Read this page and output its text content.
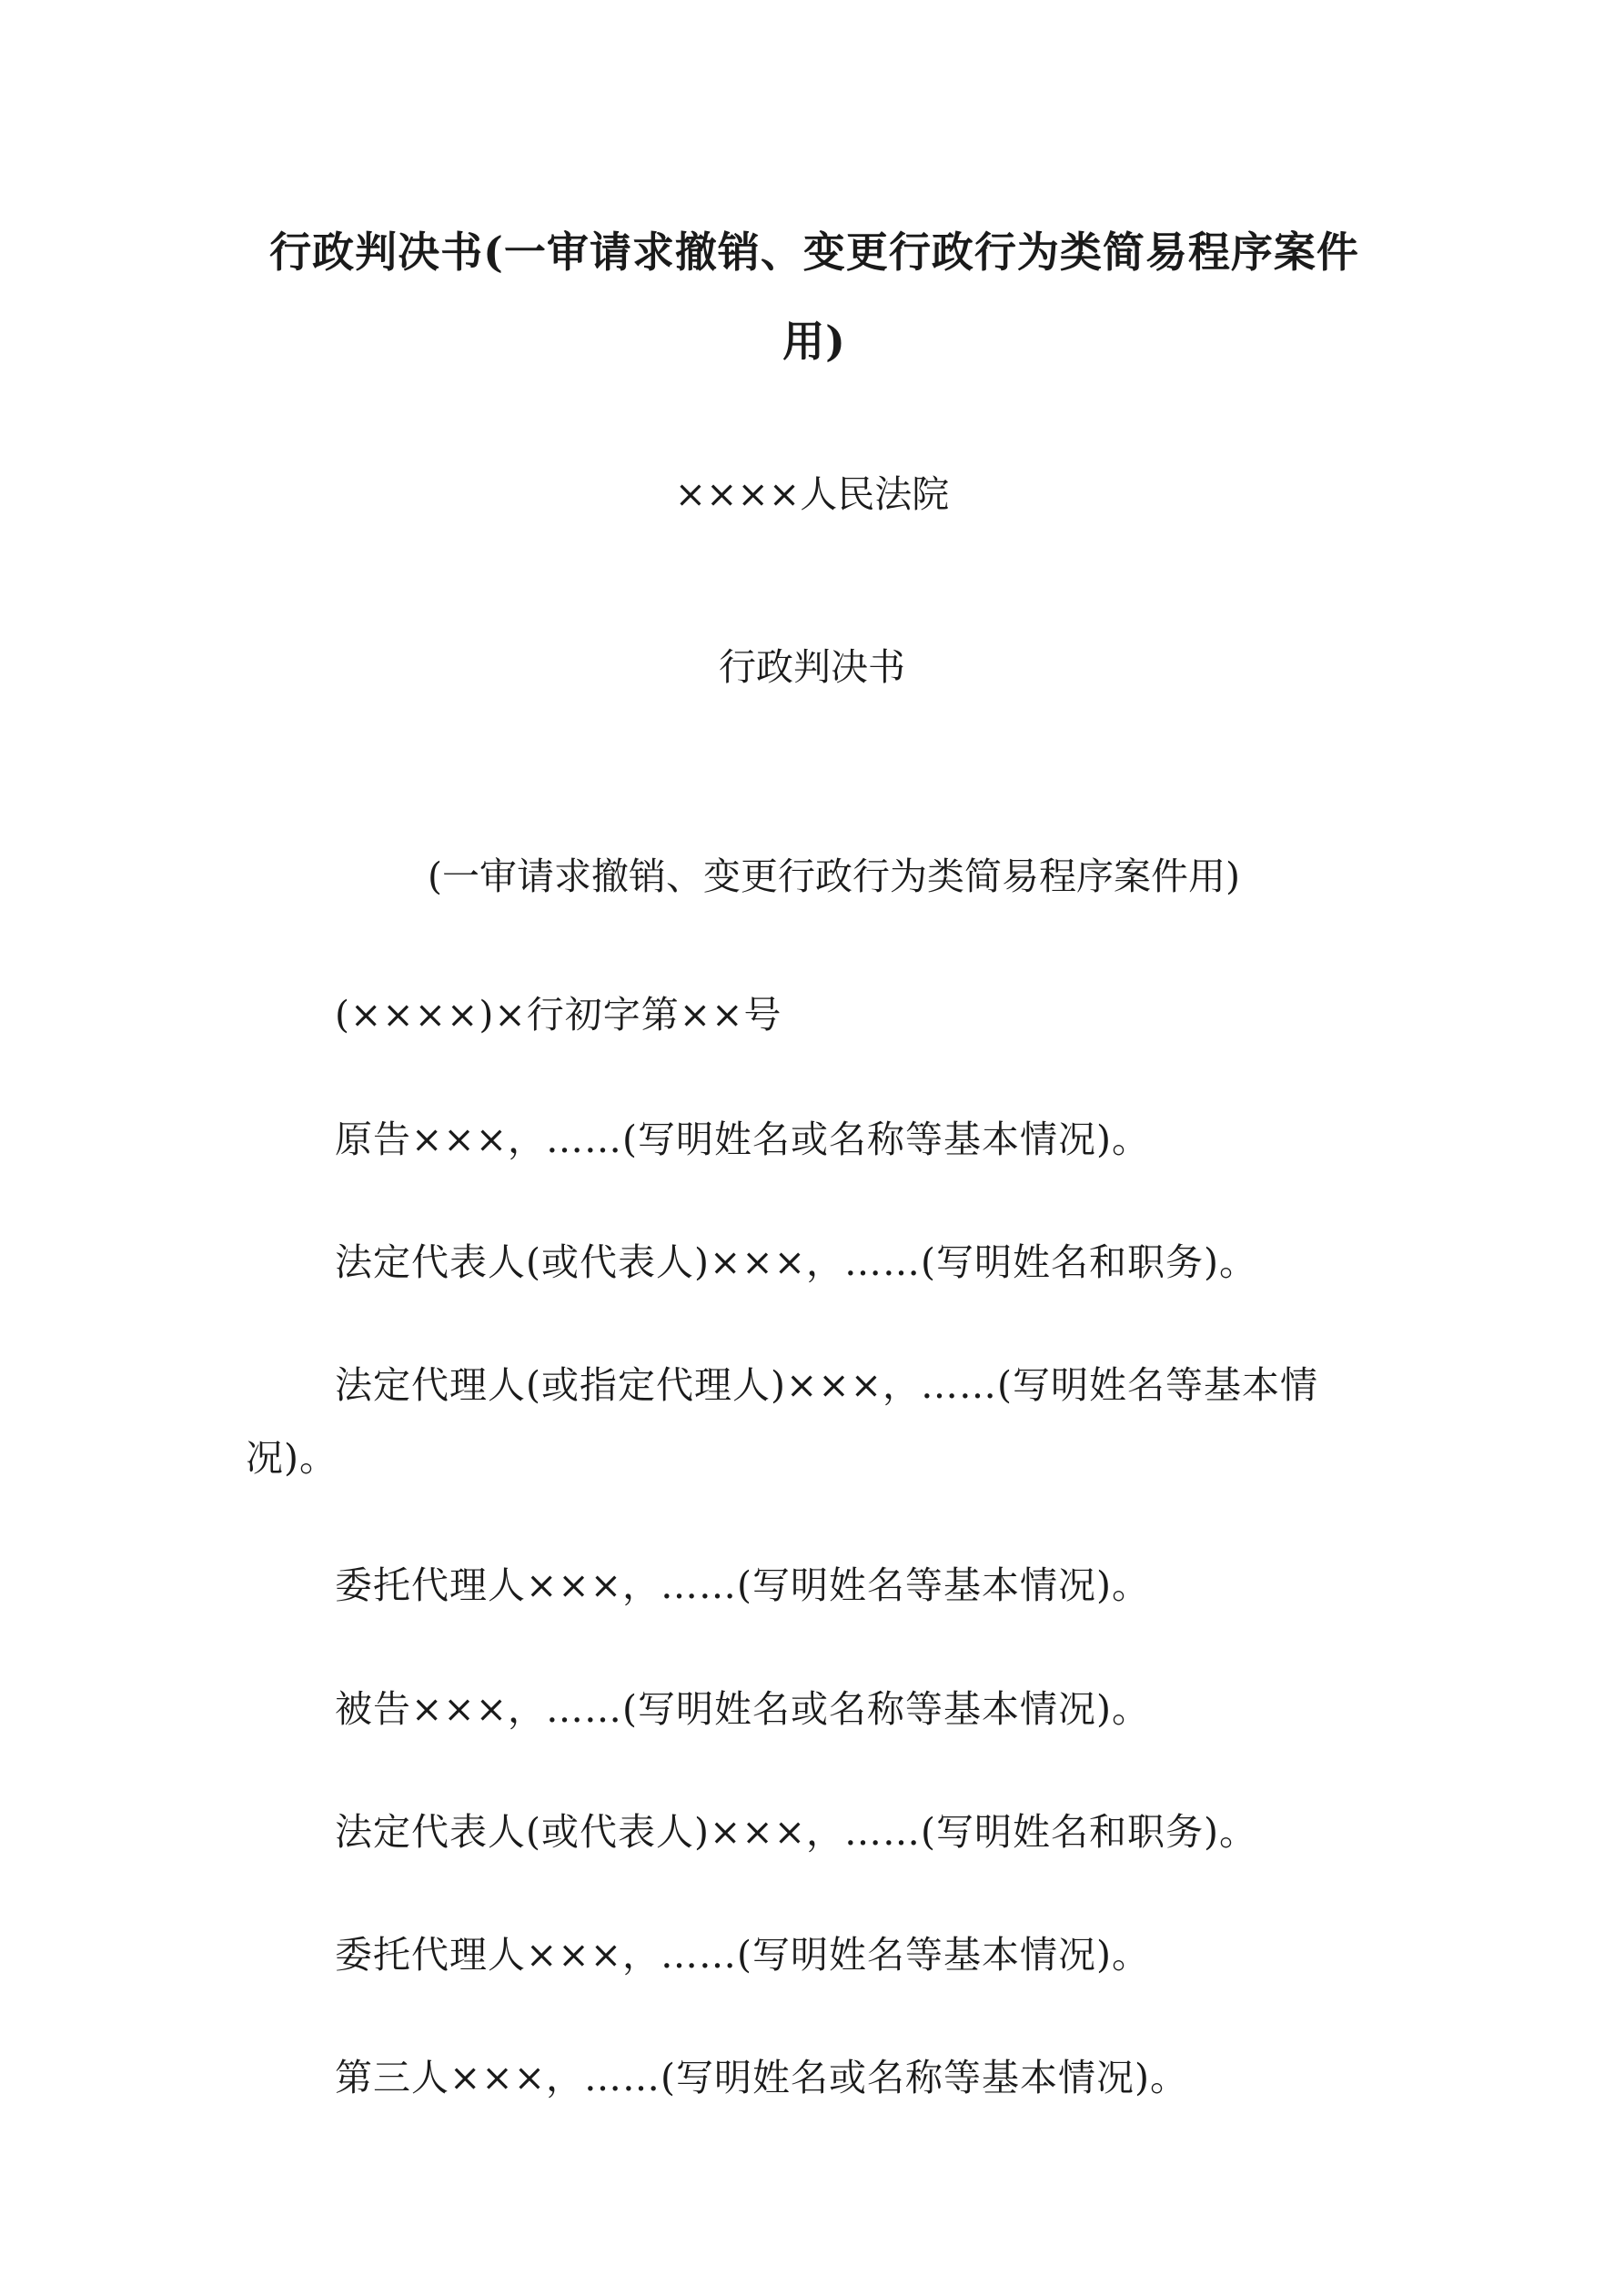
行政判决书(一审请求撤销、变更行政行为类简易程序案件用)

××××人民法院

行政判决书

(一审请求撤销、变更行政行为类简易程序案件用)

(××××)×行初字第××号

原告×××，……(写明姓名或名称等基本情况)。

法定代表人(或代表人)×××，……(写明姓名和职务)。

法定代理人(或指定代理人)×××，……(写明姓名等基本情况)。

委托代理人×××，……(写明姓名等基本情况)。

被告×××，……(写明姓名或名称等基本情况)。

法定代表人(或代表人)×××，……(写明姓名和职务)。

委托代理人×××，……(写明姓名等基本情况)。

第三人×××，……(写明姓名或名称等基本情况)。
